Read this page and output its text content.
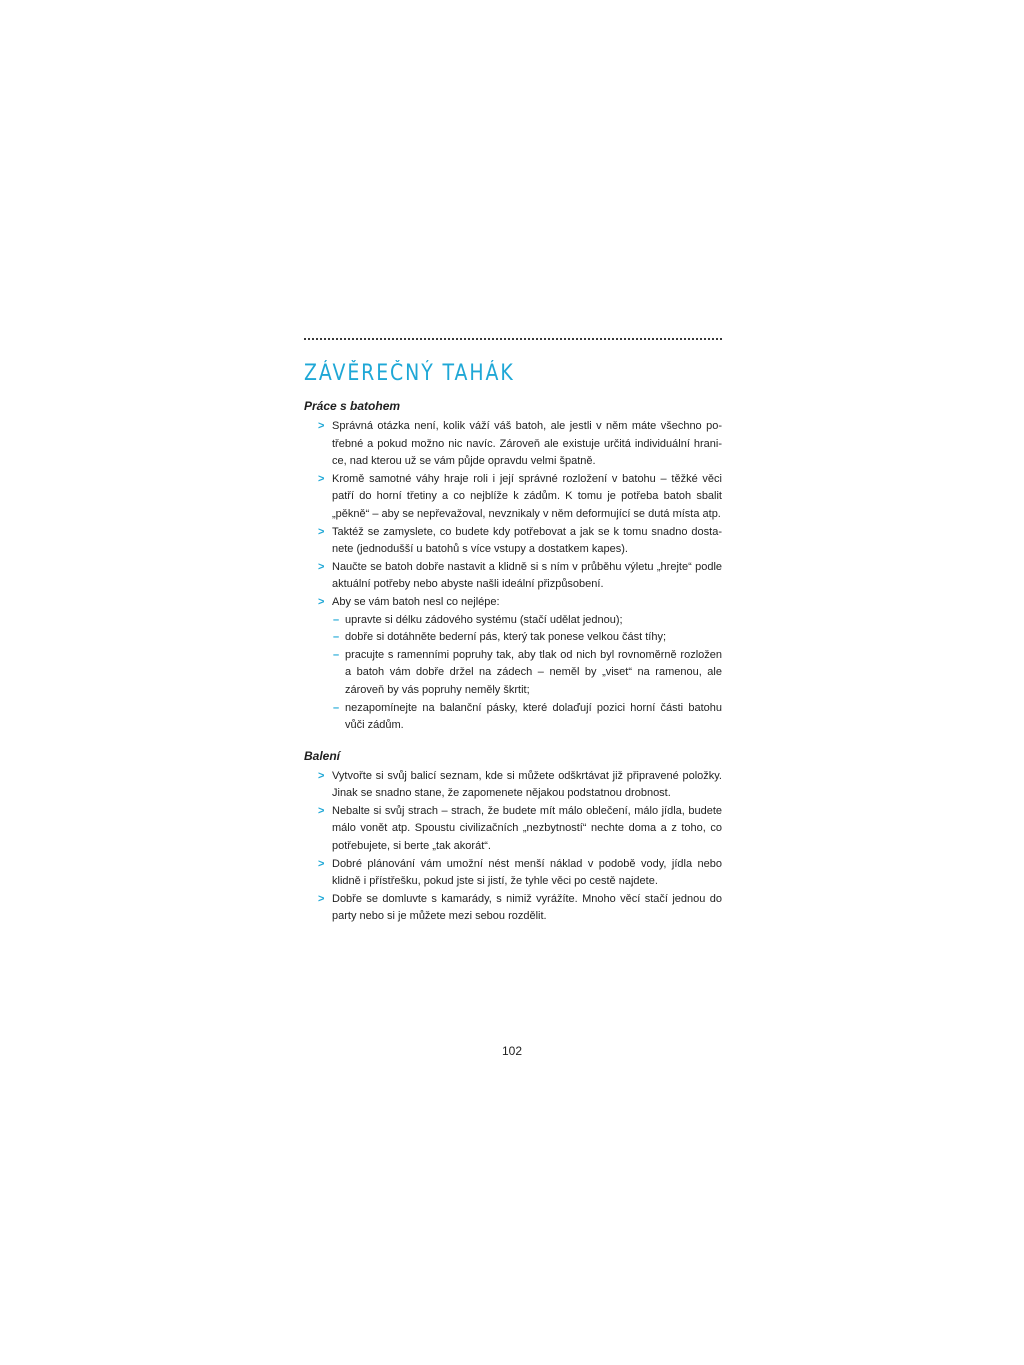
ZÁVĚREČNÝ TAHÁK
Práce s batohem
> Správná otázka není, kolik váží váš batoh, ale jestli v něm máte všechno potřebné a pokud možno nic navíc. Zároveň ale existuje určitá individuální hranice, nad kterou už se vám půjde opravdu velmi špatně.
> Kromě samotné váhy hraje roli i její správné rozložení v batohu – těžké věci patří do horní třetiny a co nejblíže k zádům. K tomu je potřeba batoh sbalit „pěkně“ – aby se nepřevažoval, nevznikaly v něm deformující se dutá místa atp.
> Taktéž se zamyslete, co budete kdy potřebovat a jak se k tomu snadno dostanete (jednodušší u batohů s více vstupy a dostatkem kapes).
> Naučte se batoh dobře nastavit a klidně si s ním v průběhu výletu „hrejte“ podle aktuální potřeby nebo abyste našli ideální přizpůsobení.
> Aby se vám batoh nesl co nejlépe:
– upravte si délku zádového systému (stačí udělat jednou);
– dobře si dotáhněte bederní pás, který tak ponese velkou část tíhy;
– pracujte s ramenními popruhy tak, aby tlak od nich byl rovnoměrně rozložen a batoh vám dobře držel na zádech – neměl by „viset“ na ramenou, ale zároveň by vás popruhy neměly škrtit;
– nezapomínejte na balanční pásky, které dolaďují pozici horní části batohu vůči zádům.
Balení
> Vytvořte si svůj balicí seznam, kde si můžete odškrtávat již připravené položky. Jinak se snadno stane, že zapomenete nějakou podstatnou drobnost.
> Nebalte si svůj strach – strach, že budete mít málo oblečení, málo jídla, budete málo vonět atp. Spoustu civilizačních „nezbytností“ nechte doma a z toho, co potřebujete, si berte „tak akorát“.
> Dobré plánování vám umožní nést menší náklad v podobě vody, jídla nebo klidně i přístřešku, pokud jste si jistí, že tyhle věci po cestě najdete.
> Dobře se domluvte s kamarády, s nimiž vyrážíte. Mnoho věcí stačí jednou do party nebo si je můžete mezi sebou rozdělit.
102
